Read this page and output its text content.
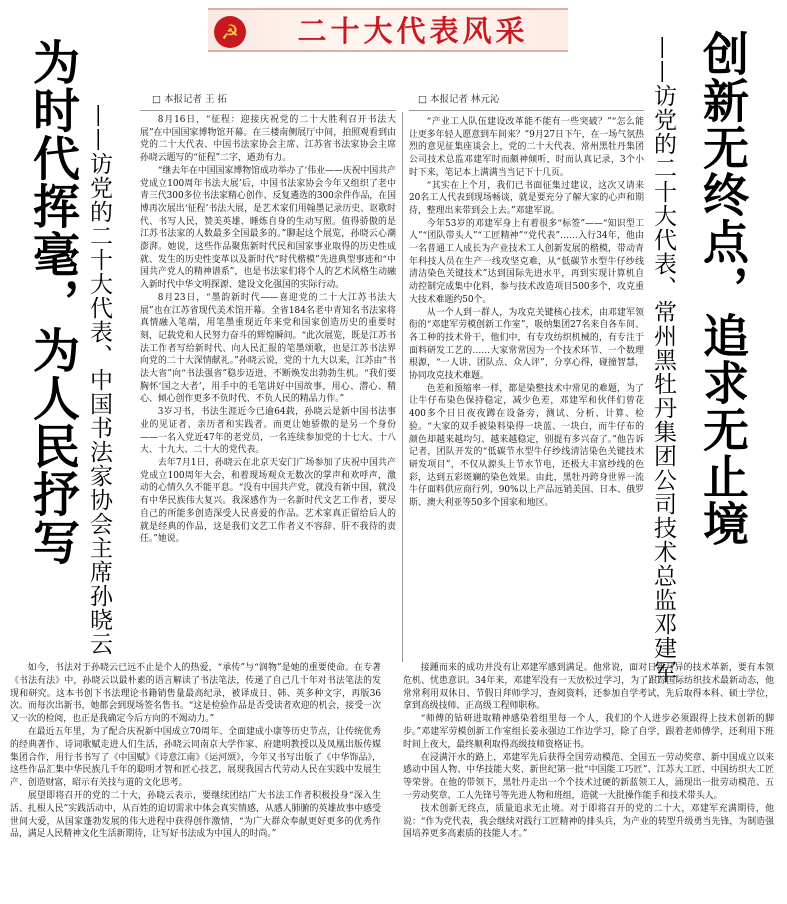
☭	二十大代表风采
为时代挥毫，为人民抒写 ——访党的二十大代表、中国书法家协会主席孙晓云	创新无终点，追求无止境
——访党的二十大代表、常州黑牡丹集团公司技术总监邓建军
□ 本报记者 王 拓	□ 本报记者 林元沁

8月16日，“征程：迎接庆祝党的二十大胜利召开书法大展”在中国国家博物馆开幕。在三楼南侧展厅中间，拍照观看到由党的二十大代表、中国书法家协会主席、江苏省书法家协会主席孙晓云题写的“征程”二字，遒劲有力。

“继去年在中国国家博物馆成功举办了‘伟业——庆祝中国共产党成立100周年书法大展’后，中国书法家协会今年又组织了老中青三代300多位书法家精心创作、反复遴选的300余件作品，在国博再次展出‘征程’书法大展，是艺术家们用翰墨记录历史、讴歌时代、书写人民，赞美英雄、睡炼自身的生动写照。值得骄傲的是江苏书法家的人数最多全国最多的。”聊起这个展览，孙晓云心潮澎湃。她说，这些作品聚焦新时代民和国家事业取得的历史性成就、发生的历史性变革以及新时代“时代楷模”先进典型事迹和“中国共产党人的精神谱系”，也是书法家们将个人的艺术风格生动融入新时代中华文明探源、建设文化强国的实际行动。

8月23日，“墨韵新时代——喜迎党的二十大江苏书法大展”也在江苏省现代美术馆开幕。全省184名老中青知名书法家将真情融入笔端，用笔墨重现近年来党和国家创造历史的重要时刻，记载党和人民努力奋斗的辉煌瞬间。“此次展览，既是江苏书法工作者写给新时代、向人民汇报的笔墨颂歌，也是江苏书法界向党的二十大深情献礼。”孙晓云说，党的十九大以来，江苏由“书法大省”向“书法强省”稳步迈进，不断焕发出勃勃生机。“我们要胸怀‘国之大者’，用手中的毛笔讲好中国故事，用心、潜心、精心、倾心创作更多不负时代、不负人民的精品力作。”

3岁习书，书法生涯近今已逾64载，孙晓云是新中国书法事业的见证者、亲历者和实践者。而更让她骄傲的是另一个身份——一名入党近47年的老党员，一名连续参加党的十七大、十八大、十九大、二十大的党代表。

去年7月1日，孙晓云在北京天安门广场参加了庆祝中国共产党成立100周年大会，和着现场观众无数次的掌声和欢呼声，激动的心情久久不能平息。“没有中国共产党，就没有新中国，就没有中华民族伟大复兴。我深感作为一名新时代文艺工作者，要尽自己的所能多创造深受人民喜爱的作品。艺术家真正留给后人的就是经典的作品，这是我们文艺工作者义不容辞、肝不我待的责任。”她说。

“产业工人队伍建设改革能不能有一些突破？”“怎么能让更多年轻人愿意到车间来？”9月27日下午，在一场气氛热烈的意见征集座谈会上，党的二十大代表、常州黑牡丹集团公司技术总监邓建军时而颇神倾听，时而认真记录，3个小时下来，笔记本上满满当当记下十几页。

“其实在上个月，我们已书面征集过建议，这次又请来20名工人代表到现场畅谈，就是要充分了解大家的心声和期待，整理出来带到会上去。”邓建军说。

今年53岁的邓建军身上有着很多“标签”——“知识型工人”“团队带头人”“工匠精神”“党代表”……入行34年，他由一名普通工人成长为产业技术工人创新发展的楷模，带动青年科技人员在生产一线攻坚克难，从“低碳节水型牛仔纱线清洁染色关键技术”达到国际先进水平，再到实现计算机自动控制完成集中化料，参与技术改造项目500多个，攻克重大技术难题约50个。

从一个人到一群人，为攻克关键核心技术，由邓建军领衔的“邓建军劳模创新工作室”，吸纳集团27名来自各车间、各工种的技术骨干，他们中，有专攻纺织机械的，有专注于面料研发工艺的……大家常常因为一个技术环节、一个数理根源，“一人讲、团队点、众人评”，分享心得，碰撞智慧，协同攻克技术难题。

色差和预缩率一样，都是染整技术中常见的难题，为了让牛仔布染色保持稳定，减少色差，邓建军和伙伴们曾花400多个日日夜夜蹲在设备旁，测试、分析、计算、检验。“大家的双手被染料染得一块蓝、一块白，而牛仔布的颜色却越来越均匀、越来越稳定，别提有多兴奋了。”他告诉记者，团队开发的“低碳节水型牛仔纱线清洁染色关键技术研发项目”，不仅从源头上节水节电，还极大丰富纱线的色彩，达到五彩斑斓的染色效果。由此，黑牡丹跨身世界一流牛仔面料供应商行列，90%以上产品远销美国、日本、俄罗斯、澳大利亚等50多个国家和地区。

如今，书法对于孙晓云已远不止是个人的热爱，“承传”与“润物”是她的重要使命。在专著《书法有法》中，孙晓云以最朴素的语言解读了书法笔法，传递了自己几十年对书法笔法的发现和研究。这本书创下书法理论书籍销售量最高纪录，被译成日、韩、英多种文字，再版36次。而每次出新书，她都会到现场签名售书。“这是检验作品是否受读者欢迎的机会，接受一次又一次的检阅，也正是我确定今后方向的不竭动力。”

在最近五年里，为了配合庆祝新中国成立70周年、全面建成小康等历史节点，让传统优秀的经典著作、诗词歌赋走进人们生活，孙晓云同南京大学作家、府建明教授以及凤凰出版传媒集团合作，用行书书写了《中国赋》《诗意江南》《运河颂》，今年又书写出版了《中华饰品》，这些作品汇集中华民族几千年的聪明才智和匠心技艺，展现我国古代劳动人民在实践中发展生产、创造财富，昭示有关技与道的文化思考。

展望即将召开的党的二十大，孙晓云表示，要继续团结广大书法工作者积极投身“深入生活、扎根人民”实践活动中，从百姓的迫切需求中体会真实情感，从感人肺腑的英雄故事中感受世间大爱，从国家蓬勃发展的伟大进程中获得创作激情，“为广大群众奉献更好更多的优秀作品，满足人民精神文化生活新期待，让写好书法成为中国人的时尚。”

接踵而来的成功并没有让邓建军感到满足。他常说，面对日新月异的技术革新，要有本领危机、忧患意识。34年来，邓建军没有一天放松过学习，为了跟踪国际纺织技术最新动态，他常常利用双休日、节假日拜师学习，查阅资料，还参加自学考试，先后取得本科、硕士学位，拿到高级技师、正高级工程师职称。

“师傅的钻研进取精神感染着组里每一个人，我们的个人进步必须跟得上技术创新的脚步。”邓建军劳模创新工作室组长姜永强边工作边学习，除了自学，跟着老师傅学，还利用下班时间上夜大，最终顺利取得高级技师资格证书。

在浸满汗水的路上，邓建军先后获得全国劳动模范、全国五一劳动奖章、新中国成立以来感动中国人物、中华技能大奖、新世纪第一批“中国能工巧匠”、江苏大工匠、中国纺织大工匠等荣誉。在他的带领下，黑牡丹走出一个个技术过硬的新蓝领工人，涌现出一批劳动模范、五一劳动奖章、工人先锋号等先进人物和班组，造就一大批操作能手和技术带头人。

技术创新无终点，质量追求无止境。对于即将召开的党的二十大，邓建军充满期待，他说：“作为党代表，我会继续对践行工匠精神的排头兵，为产业的转型升级勇当先锋，为制造强国培养更多高素质的技能人才。”
